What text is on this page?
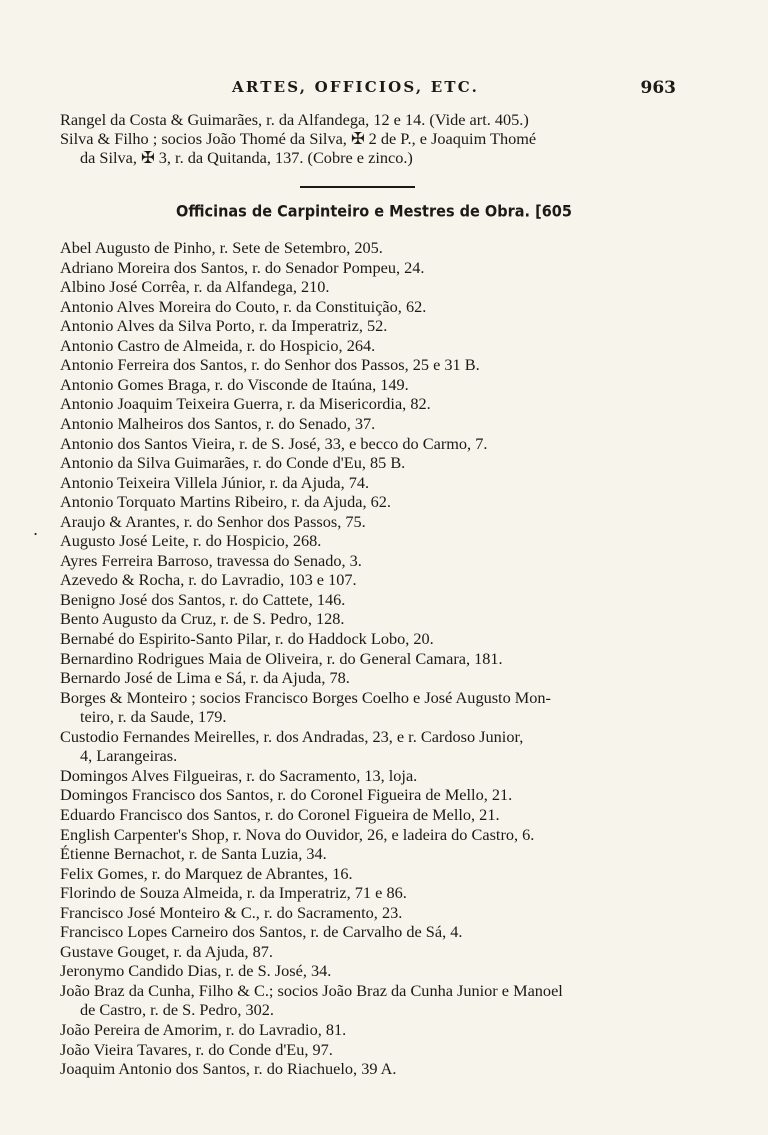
ARTES, OFFICIOS, ETC.	963
Rangel da Costa & Guimarães, r. da Alfandega, 12 e 14. (Vide art. 405.)
Silva & Filho ; socios João Thomé da Silva, ✠ 2 de P., e Joaquim Thomé
da Silva, ✠ 3, r. da Quitanda, 137. (Cobre e zinco.)
Officinas de Carpinteiro e Mestres de Obra. [605
.
Abel Augusto de Pinho, r. Sete de Setembro, 205.
Adriano Moreira dos Santos, r. do Senador Pompeu, 24.
Albino José Corrêa, r. da Alfandega, 210.
Antonio Alves Moreira do Couto, r. da Constituição, 62.
Antonio Alves da Silva Porto, r. da Imperatriz, 52.
Antonio Castro de Almeida, r. do Hospicio, 264.
Antonio Ferreira dos Santos, r. do Senhor dos Passos, 25 e 31 B.
Antonio Gomes Braga, r. do Visconde de Itaúna, 149.
Antonio Joaquim Teixeira Guerra, r. da Misericordia, 82.
Antonio Malheiros dos Santos, r. do Senado, 37.
Antonio dos Santos Vieira, r. de S. José, 33, e becco do Carmo, 7.
Antonio da Silva Guimarães, r. do Conde d'Eu, 85 B.
Antonio Teixeira Villela Júnior, r. da Ajuda, 74.
Antonio Torquato Martins Ribeiro, r. da Ajuda, 62.
Araujo & Arantes, r. do Senhor dos Passos, 75.
Augusto José Leite, r. do Hospicio, 268.
Ayres Ferreira Barroso, travessa do Senado, 3.
Azevedo & Rocha, r. do Lavradio, 103 e 107.
Benigno José dos Santos, r. do Cattete, 146.
Bento Augusto da Cruz, r. de S. Pedro, 128.
Bernabé do Espirito-Santo Pilar, r. do Haddock Lobo, 20.
Bernardino Rodrigues Maia de Oliveira, r. do General Camara, 181.
Bernardo José de Lima e Sá, r. da Ajuda, 78.
Borges & Monteiro ; socios Francisco Borges Coelho e José Augusto Mon-
teiro, r. da Saude, 179.
Custodio Fernandes Meirelles, r. dos Andradas, 23, e r. Cardoso Junior,
4, Larangeiras.
Domingos Alves Filgueiras, r. do Sacramento, 13, loja.
Domingos Francisco dos Santos, r. do Coronel Figueira de Mello, 21.
Eduardo Francisco dos Santos, r. do Coronel Figueira de Mello, 21.
English Carpenter's Shop, r. Nova do Ouvidor, 26, e ladeira do Castro, 6.
Étienne Bernachot, r. de Santa Luzia, 34.
Felix Gomes, r. do Marquez de Abrantes, 16.
Florindo de Souza Almeida, r. da Imperatriz, 71 e 86.
Francisco José Monteiro & C., r. do Sacramento, 23.
Francisco Lopes Carneiro dos Santos, r. de Carvalho de Sá, 4.
Gustave Gouget, r. da Ajuda, 87.
Jeronymo Candido Dias, r. de S. José, 34.
João Braz da Cunha, Filho & C.; socios João Braz da Cunha Junior e Manoel
de Castro, r. de S. Pedro, 302.
João Pereira de Amorim, r. do Lavradio, 81.
João Vieira Tavares, r. do Conde d'Eu, 97.
Joaquim Antonio dos Santos, r. do Riachuelo, 39 A.
